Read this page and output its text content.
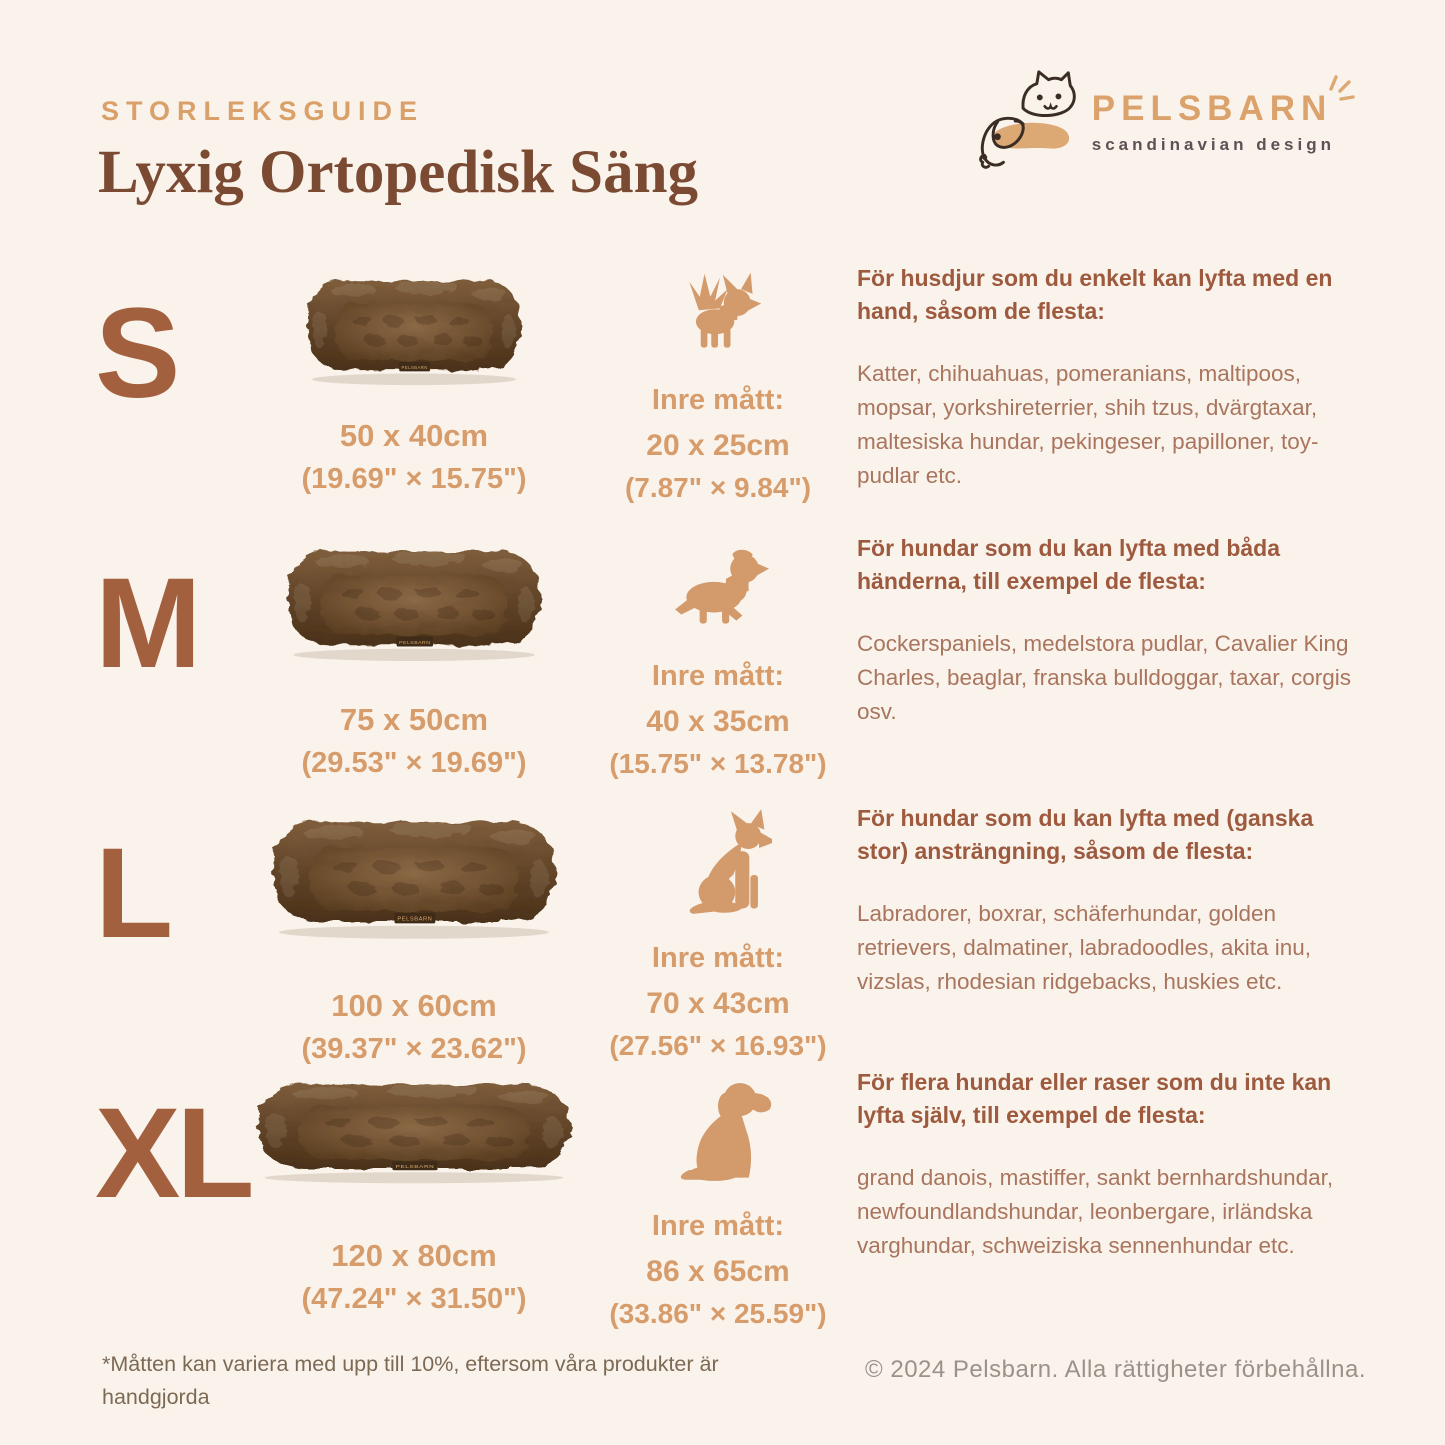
STORLEKSGUIDE
Lyxig Ortopedisk Säng
PELSBARN
scandinavian design
S
50 x 40cm
(19.69" × 15.75")
Inre mått:
20 x 25cm
(7.87" × 9.84")

För husdjur som du enkelt kan lyfta med en hand, såsom de flesta:

Katter, chihuahuas, pomeranians, maltipoos, mopsar, yorkshireterrier, shih tzus, dvärgtaxar, maltesiska hundar, pekingeser, papilloner, toy-pudlar etc.
M
75 x 50cm
(29.53" × 19.69")
Inre mått:
40 x 35cm
(15.75" × 13.78")

För hundar som du kan lyfta med båda händerna, till exempel de flesta:

Cockerspaniels, medelstora pudlar, Cavalier King Charles, beaglar, franska bulldoggar, taxar, corgis osv.
L
100 x 60cm
(39.37" × 23.62")
Inre mått:
70 x 43cm
(27.56" × 16.93")

För hundar som du kan lyfta med (ganska stor) ansträngning, såsom de flesta:

Labradorer, boxrar, schäferhundar, golden retrievers, dalmatiner, labradoodles, akita inu, vizslas, rhodesian ridgebacks, huskies etc.
XL
120 x 80cm
(47.24" × 31.50")
Inre mått:
86 x 65cm
(33.86" × 25.59")

För flera hundar eller raser som du inte kan lyfta själv, till exempel de flesta:

grand danois, mastiffer, sankt bernhardshundar, newfoundlandshundar, leonbergare, irländska varghundar, schweiziska sennenhundar etc.
*Måtten kan variera med upp till 10%, eftersom våra produkter är handgjorda
© 2024 Pelsbarn. Alla rättigheter förbehållna.
